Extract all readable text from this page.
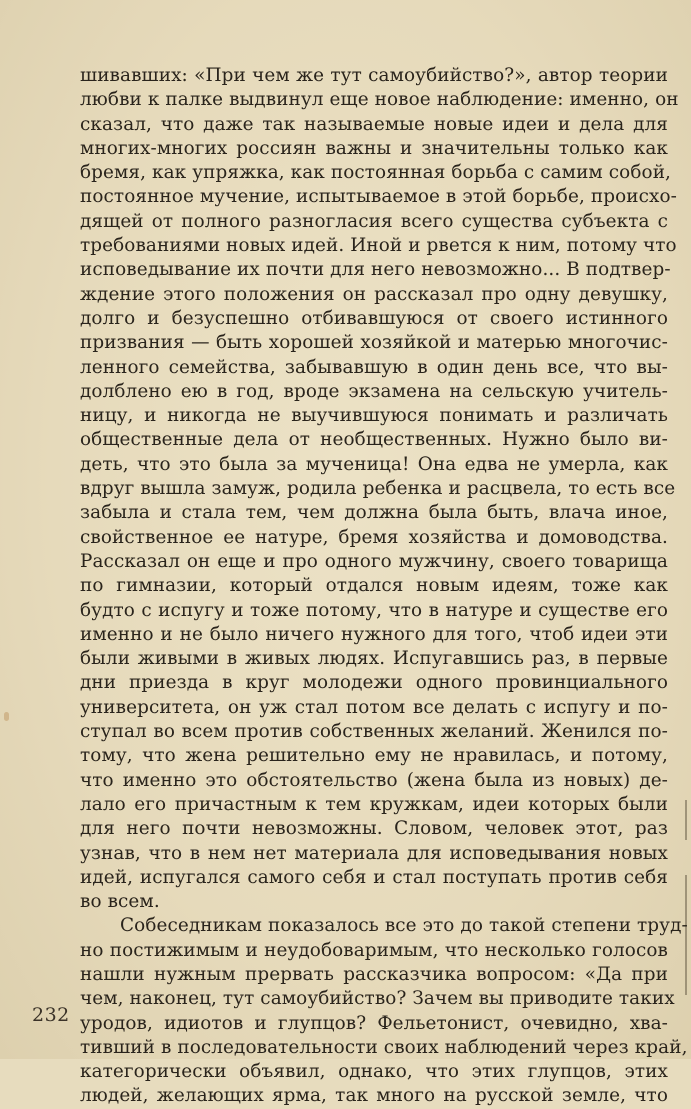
шивавших: «При чем же тут самоубийство?», автор теории
любви к палке выдвинул еще новое наблюдение: именно, он
сказал, что даже так называемые новые идеи и дела для
многих-многих россиян важны и значительны только как
бремя, как упряжка, как постоянная борьба с самим собой,
постоянное мучение, испытываемое в этой борьбе, происхо-
дящей от полного разногласия всего существа субъекта с
требованиями новых идей. Иной и рвется к ним, потому что
исповедывание их почти для него невозможно... В подтвер-
ждение этого положения он рассказал про одну девушку,
долго и безуспешно отбивавшуюся от своего истинного
призвания — быть хорошей хозяйкой и матерью многочис-
ленного семейства, забывавшую в один день все, что вы-
долблено ею в год, вроде экзамена на сельскую учитель-
ницу, и никогда не выучившуюся понимать и различать
общественные дела от необщественных. Нужно было ви-
деть, что это была за мученица! Она едва не умерла, как
вдруг вышла замуж, родила ребенка и расцвела, то есть все
забыла и стала тем, чем должна была быть, влача иное,
свойственное ее натуре, бремя хозяйства и домоводства.
Рассказал он еще и про одного мужчину, своего товарища
по гимназии, который отдался новым идеям, тоже как
будто с испугу и тоже потому, что в натуре и существе его
именно и не было ничего нужного для того, чтоб идеи эти
были живыми в живых людях. Испугавшись раз, в первые
дни приезда в круг молодежи одного провинциального
университета, он уж стал потом все делать с испугу и по-
ступал во всем против собственных желаний. Женился по-
тому, что жена решительно ему не нравилась, и потому,
что именно это обстоятельство (жена была из новых) де-
лало его причастным к тем кружкам, идеи которых были
для него почти невозможны. Словом, человек этот, раз
узнав, что в нем нет материала для исповедывания новых
идей, испугался самого себя и стал поступать против себя
во всем.
Собеседникам показалось все это до такой степени труд-
но постижимым и неудобоваримым, что несколько голосов
нашли нужным прервать рассказчика вопросом: «Да при
чем, наконец, тут самоубийство? Зачем вы приводите таких
уродов, идиотов и глупцов? Фельетонист, очевидно, хва-
тивший в последовательности своих наблюдений через край,
категорически объявил, однако, что этих глупцов, этих
людей, желающих ярма, так много на русской земле, что
232
